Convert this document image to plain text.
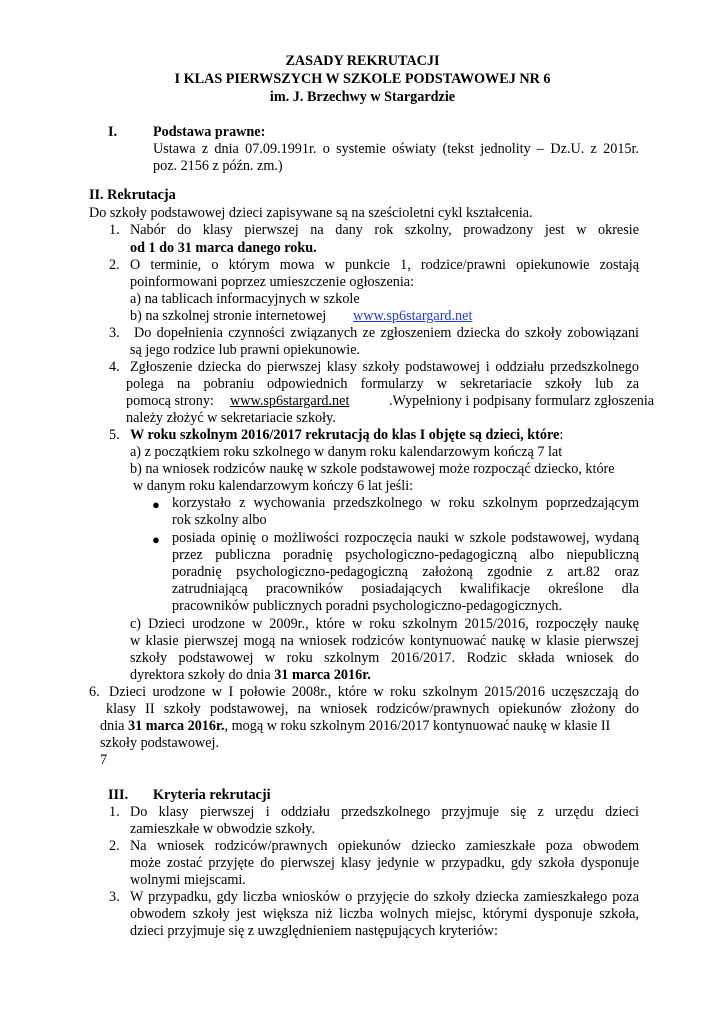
ZASADY REKRUTACJI
I KLAS PIERWSZYCH W SZKOLE PODSTAWOWEJ NR 6
im. J. Brzechwy w Stargardzie
I.	Podstawa prawne:
Ustawa z dnia 07.09.1991r. o systemie oświaty (tekst jednolity – Dz.U. z 2015r.
poz. 2156 z późn. zm.)
II. Rekrutacja
Do szkoły podstawowej dzieci zapisywane są na sześcioletni cykl kształcenia.
1. Nabór do klasy pierwszej na dany rok szkolny, prowadzony jest w okresie
od 1 do 31 marca danego roku.
2. O terminie, o którym mowa w punkcie 1, rodzice/prawni opiekunowie zostają
poinformowani poprzez umieszczenie ogłoszenia:
a) na tablicach informacyjnych w szkole
b) na szkolnej stronie internetowej www.sp6stargard.net
3. Do dopełnienia czynności związanych ze zgłoszeniem dziecka do szkoły zobowiązani
są jego rodzice lub prawni opiekunowie.
4. Zgłoszenie dziecka do pierwszej klasy szkoły podstawowej i oddziału przedszkolnego
polega na pobraniu odpowiednich formularzy w sekretariacie szkoły lub za
pomocą strony: www.sp6stargard.net	.Wypełniony i podpisany formularz zgłoszenia
należy złożyć w sekretariacie szkoły.
5. W roku szkolnym 2016/2017 rekrutacją do klas I objęte są dzieci, które:
a) z początkiem roku szkolnego w danym roku kalendarzowym kończą 7 lat
b) na wniosek rodziców naukę w szkole podstawowej może rozpocząć dziecko, które
w danym roku kalendarzowym kończy 6 lat jeśli:
● korzystało z wychowania przedszkolnego w roku szkolnym poprzedzającym
rok szkolny albo
● posiada opinię o możliwości rozpoczęcia nauki w szkole podstawowej, wydaną
przez publiczna poradnię psychologiczno-pedagogiczną albo niepubliczną
poradnię psychologiczno-pedagogiczną założoną zgodnie z art.82 oraz
zatrudniającą pracowników posiadających kwalifikacje określone dla
pracowników publicznych poradni psychologiczno-pedagogicznych.
c) Dzieci urodzone w 2009r., które w roku szkolnym 2015/2016, rozpoczęły naukę
w klasie pierwszej mogą na wniosek rodziców kontynuować naukę w klasie pierwszej
szkoły podstawowej w roku szkolnym 2016/2017. Rodzic składa wniosek do
dyrektora szkoły do dnia 31 marca 2016r.
6. Dzieci urodzone w I połowie 2008r., które w roku szkolnym 2015/2016 uczęszczają do
klasy II szkoły podstawowej, na wniosek rodziców/prawnych opiekunów złożony do
dnia 31 marca 2016r., mogą w roku szkolnym 2016/2017 kontynuować naukę w klasie II
szkoły podstawowej.
7
III. Kryteria rekrutacji
1. Do klasy pierwszej i oddziału przedszkolnego przyjmuje się z urzędu dzieci
zamieszkałe w obwodzie szkoły.
2. Na wniosek rodziców/prawnych opiekunów dziecko zamieszkałe poza obwodem
może zostać przyjęte do pierwszej klasy jedynie w przypadku, gdy szkoła dysponuje
wolnymi miejscami.
3. W przypadku, gdy liczba wniosków o przyjęcie do szkoły dziecka zamieszkałego poza
obwodem szkoły jest większa niż liczba wolnych miejsc, którymi dysponuje szkoła,
dzieci przyjmuje się z uwzględnieniem następujących kryteriów:
